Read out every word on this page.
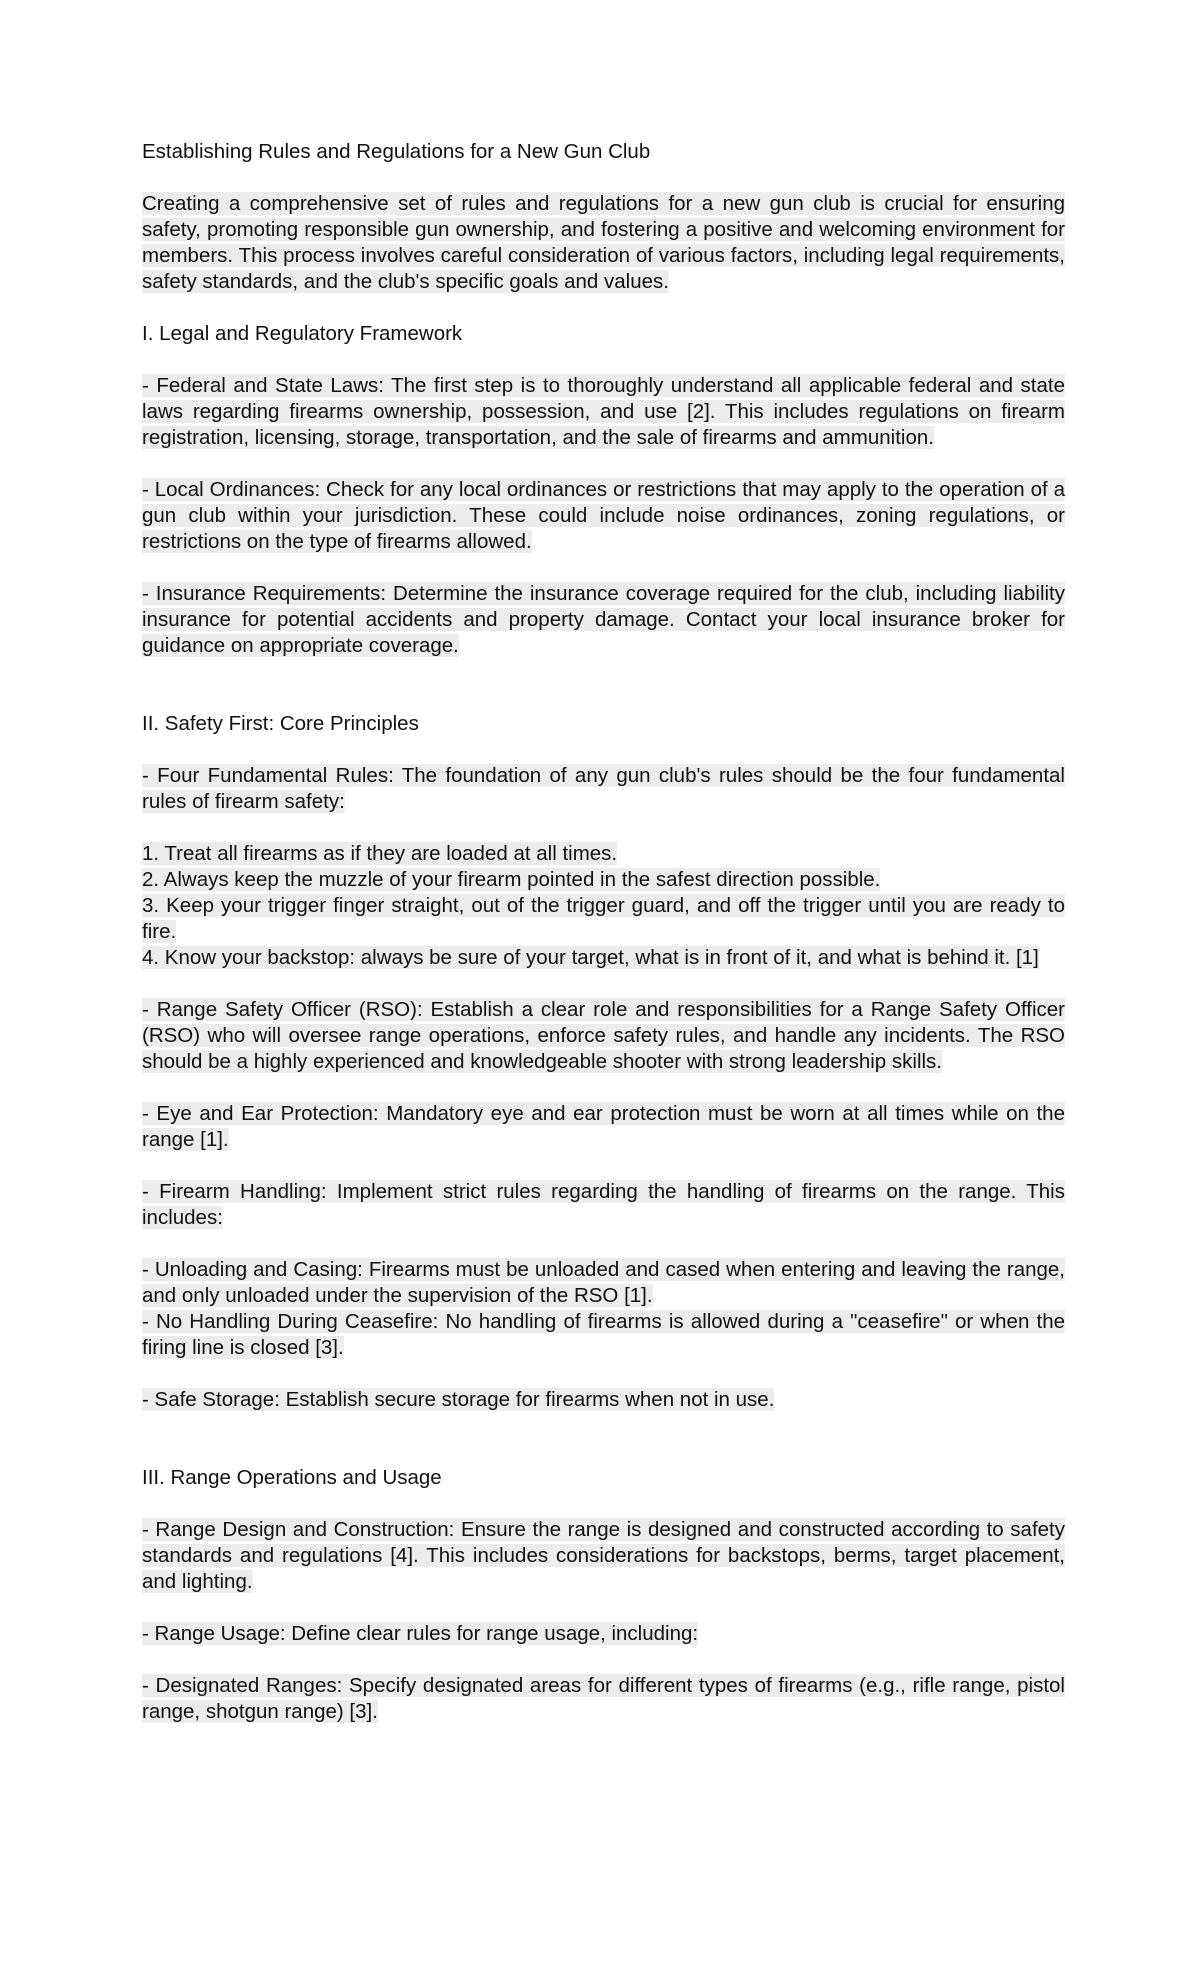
Establishing Rules and Regulations for a New Gun Club

Creating a comprehensive set of rules and regulations for a new gun club is crucial for ensuring safety, promoting responsible gun ownership, and fostering a positive and welcoming environment for members. This process involves careful consideration of various factors, including legal requirements, safety standards, and the club's specific goals and values.

I. Legal and Regulatory Framework

- Federal and State Laws: The first step is to thoroughly understand all applicable federal and state laws regarding firearms ownership, possession, and use [2]. This includes regulations on firearm registration, licensing, storage, transportation, and the sale of firearms and ammunition.

- Local Ordinances: Check for any local ordinances or restrictions that may apply to the operation of a gun club within your jurisdiction. These could include noise ordinances, zoning regulations, or restrictions on the type of firearms allowed.

- Insurance Requirements: Determine the insurance coverage required for the club, including liability insurance for potential accidents and property damage. Contact your local insurance broker for guidance on appropriate coverage.

II. Safety First: Core Principles

- Four Fundamental Rules: The foundation of any gun club's rules should be the four fundamental rules of firearm safety:

1. Treat all firearms as if they are loaded at all times.

2. Always keep the muzzle of your firearm pointed in the safest direction possible.

3. Keep your trigger finger straight, out of the trigger guard, and off the trigger until you are ready to fire.

4. Know your backstop: always be sure of your target, what is in front of it, and what is behind it. [1]

- Range Safety Officer (RSO): Establish a clear role and responsibilities for a Range Safety Officer (RSO) who will oversee range operations, enforce safety rules, and handle any incidents. The RSO should be a highly experienced and knowledgeable shooter with strong leadership skills.

- Eye and Ear Protection: Mandatory eye and ear protection must be worn at all times while on the range [1].

- Firearm Handling: Implement strict rules regarding the handling of firearms on the range. This includes:

- Unloading and Casing: Firearms must be unloaded and cased when entering and leaving the range, and only unloaded under the supervision of the RSO [1].

- No Handling During Ceasefire: No handling of firearms is allowed during a "ceasefire" or when the firing line is closed [3].

- Safe Storage: Establish secure storage for firearms when not in use.

III. Range Operations and Usage

- Range Design and Construction: Ensure the range is designed and constructed according to safety standards and regulations [4]. This includes considerations for backstops, berms, target placement, and lighting.

- Range Usage: Define clear rules for range usage, including:

- Designated Ranges: Specify designated areas for different types of firearms (e.g., rifle range, pistol range, shotgun range) [3].
